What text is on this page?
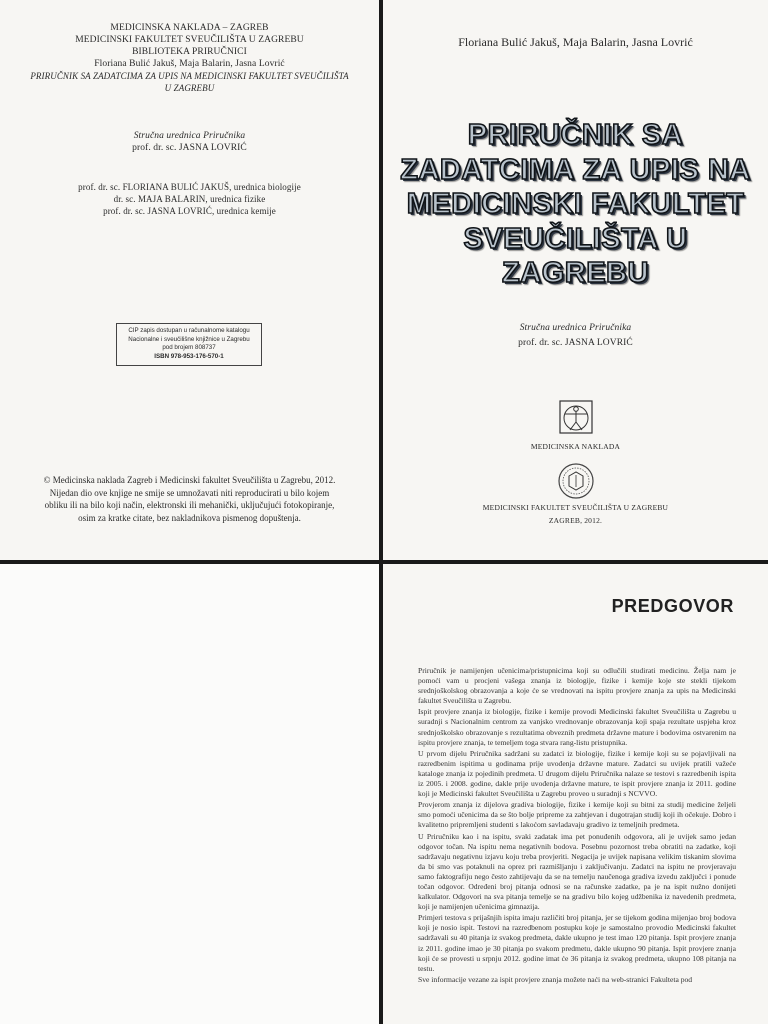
MEDICINSKA NAKLADA – ZAGREB
MEDICINSKI FAKULTET SVEUČILIŠTA U ZAGREBU
BIBLIOTEKA PRIRUČNICI
Floriana Bulić Jakuš, Maja Balarin, Jasna Lovrić
PRIRUČNIK SA ZADATCIMA ZA UPIS NA MEDICINSKI FAKULTET SVEUČILIŠTA
U ZAGREBU
Stručna urednica Priručnika
prof. dr. sc. JASNA LOVRIĆ
prof. dr. sc. FLORIANA BULIĆ JAKUŠ, urednica biologije
dr. sc. MAJA BALARIN, urednica fizike
prof. dr. sc. JASNA LOVRIĆ, urednica kemije
CIP zapis dostupan u računalnome katalogu
Nacionalne i sveučilišne knjižnice u Zagrebu
pod brojem 808737
ISBN 978-953-176-570-1
© Medicinska naklada Zagreb i Medicinski fakultet Sveučilišta u Zagrebu, 2012.
Nijedan dio ove knjige ne smije se umnožavati niti reproducirati u bilo kojem
obliku ili na bilo koji način, elektronski ili mehanički, uključujući fotokopiranje,
osim za kratke citate, bez nakladnikova pismenog dopuštenja.
Floriana Bulić Jakuš, Maja Balarin, Jasna Lovrić
PRIRUČNIK SA
ZADATCIMA ZA UPIS NA
MEDICINSKI FAKULTET
SVEUČILIŠTA U
ZAGREBU
Stručna urednica Priručnika
prof. dr. sc. JASNA LOVRIĆ
MEDICINSKA NAKLADA
MEDICINSKI FAKULTET SVEUČILIŠTA U ZAGREBU
ZAGREB, 2012.
PREDGOVOR

Priručnik je namijenjen učenicima/pristupnicima koji su odlučili studirati medicinu. Želja nam je pomoći vam u procjeni vašega znanja iz biologije, fizike i kemije koje ste stekli tijekom srednjoškolskog obrazovanja a koje će se vrednovati na ispitu provjere znanja za upis na Medicinski fakultet Sveučilišta u Zagrebu.

Ispit provjere znanja iz biologije, fizike i kemije provodi Medicinski fakultet Sveučilišta u Zagrebu u suradnji s Nacionalnim centrom za vanjsko vrednovanje obrazovanja koji spaja rezultate uspjeha kroz srednjoškolsko obrazovanje s rezultatima obveznih predmeta državne mature i bodovima ostvarenim na ispitu provjere znanja, te temeljem toga stvara rang-listu pristupnika.

U prvom dijelu Priručnika sadržani su zadatci iz biologije, fizike i kemije koji su se pojavljivali na razredbenim ispitima u godinama prije uvođenja državne mature. Zadatci su uvijek pratili važeće kataloge znanja iz pojedinih predmeta. U drugom dijelu Priručnika nalaze se testovi s razredbenih ispita iz 2005. i 2008. godine, dakle prije uvođenja državne mature, te ispit provjere znanja iz 2011. godine koji je Medicinski fakultet Sveučilišta u Zagrebu proveo u suradnji s NCVVO.

Provjerom znanja iz dijelova gradiva biologije, fizike i kemije koji su bitni za studij medicine željeli smo pomoći učenicima da se što bolje pripreme za zahtjevan i dugotrajan studij koji ih očekuje. Dobro i kvalitetno pripremljeni studenti s lakoćom savladavaju gradivo iz temeljnih predmeta.

U Priručniku kao i na ispitu, svaki zadatak ima pet ponuđenih odgovora, ali je uvijek samo jedan odgovor točan. Na ispitu nema negativnih bodova. Posebnu pozornost treba obratiti na zadatke, koji sadržavaju negativnu izjavu koju treba provjeriti. Negacija je uvijek napisana velikim tiskanim slovima da bi smo vas potaknuli na oprez pri razmišljanju i zaključivanju. Zadatci na ispitu ne provjeravaju samo faktografiju nego često zahtijevaju da se na temelju naučenoga gradiva izvedu zaključci i ponude točan odgovor. Određeni broj pitanja odnosi se na računske zadatke, pa je na ispit nužno donijeti kalkulator. Odgovori na sva pitanja temelje se na gradivu bilo kojeg udžbenika iz navedenih predmeta, koji je namijenjen učenicima gimnazija.

Primjeri testova s prijašnjih ispita imaju različiti broj pitanja, jer se tijekom godina mijenjao broj bodova koji je nosio ispit. Testovi na razredbenom postupku koje je samostalno provodio Medicinski fakultet sadržavali su 40 pitanja iz svakog predmeta, dakle ukupno je test imao 120 pitanja. Ispit provjere znanja iz 2011. godine imao je 30 pitanja po svakom predmetu, dakle ukupno 90 pitanja. Ispit provjere znanja koji će se provesti u srpnju 2012. godine imat će 36 pitanja iz svakog predmeta, ukupno 108 pitanja na testu.

Sve informacije vezane za ispit provjere znanja možete naći na web-stranici Fakulteta pod
